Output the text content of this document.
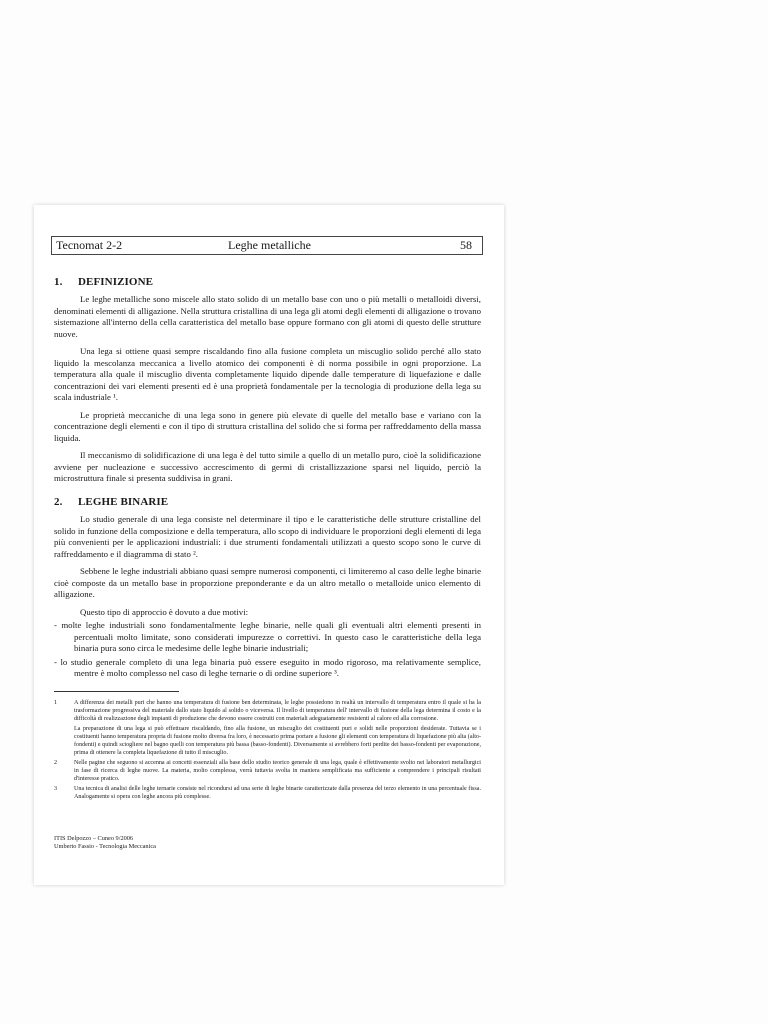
Tecnomat 2-2	Leghe metalliche	58
1. DEFINIZIONE

Le leghe metalliche sono miscele allo stato solido di un metallo base con uno o più metalli o metalloidi diversi, denominati elementi di alligazione. Nella struttura cristallina di una lega gli atomi degli elementi di alligazione o trovano sistemazione all'interno della cella caratteristica del metallo base oppure formano con gli atomi di questo delle strutture nuove.

Una lega si ottiene quasi sempre riscaldando fino alla fusione completa un miscuglio solido perché allo stato liquido la mescolanza meccanica a livello atomico dei componenti è di norma possibile in ogni proporzione. La temperatura alla quale il miscuglio diventa completamente liquido dipende dalle temperature di liquefazione e dalle concentrazioni dei vari elementi presenti ed è una proprietà fondamentale per la tecnologia di produzione della lega su scala industriale ¹.

Le proprietà meccaniche di una lega sono in genere più elevate di quelle del metallo base e variano con la concentrazione degli elementi e con il tipo di struttura cristallina del solido che si forma per raffreddamento della massa liquida.

Il meccanismo di solidificazione di una lega è del tutto simile a quello di un metallo puro, cioè la solidificazione avviene per nucleazione e successivo accrescimento di germi di cristallizzazione sparsi nel liquido, perciò la microstruttura finale si presenta suddivisa in grani.

2. LEGHE BINARIE

Lo studio generale di una lega consiste nel determinare il tipo e le caratteristiche delle strutture cristalline del solido in funzione della composizione e della temperatura, allo scopo di individuare le proporzioni degli elementi di lega più convenienti per le applicazioni industriali: i due strumenti fondamentali utilizzati a questo scopo sono le curve di raffreddamento e il diagramma di stato ².

Sebbene le leghe industriali abbiano quasi sempre numerosi componenti, ci limiteremo al caso delle leghe binarie cioè composte da un metallo base in proporzione preponderante e da un altro metallo o metalloide unico elemento di alligazione.

Questo tipo di approccio è dovuto a due motivi:

- molte leghe industriali sono fondamentalmente leghe binarie, nelle quali gli eventuali altri elementi presenti in percentuali molto limitate, sono considerati impurezze o correttivi. In questo caso le caratteristiche della lega binaria pura sono circa le medesime delle leghe binarie industriali;
- lo studio generale completo di una lega binaria può essere eseguito in modo rigoroso, ma relativamente semplice, mentre è molto complesso nel caso di leghe ternarie o di ordine superiore ³.
1	A differenza dei metalli puri che hanno una temperatura di fusione ben determinata, le leghe possiedono in realtà un intervallo di temperatura entro il quale si ha la trasformazione progressiva del materiale dallo stato liquido al solido o viceversa. Il livello di temperatura dell' intervallo di fusione della lega determina il costo e la difficoltà di realizzazione degli impianti di produzione che devono essere costruiti con materiali adeguatamente resistenti al calore ed alla corrosione.
La preparazione di una lega si può effettuare riscaldando, fino alla fusione, un miscuglio dei costituenti puri e solidi nelle proporzioni desiderate. Tuttavia se i costituenti hanno temperatura propria di fusione molto diversa fra loro, è necessario prima portare a fusione gli elementi con temperatura di liquefazione più alta (alto-fondenti) e quindi sciogliere nel bagno quelli con temperatura più bassa (basso-fondenti). Diversamente si avrebbero forti perdite dei basso-fondenti per evaporazione, prima di ottenere la completa liquefazione di tutto il miscuglio.
2	Nelle pagine che seguono si accenna ai concetti essenziali alla base dello studio teorico generale di una lega, quale è effettivamente svolto nei laboratori metallurgici in fase di ricerca di leghe nuove. La materia, molto complessa, verrà tuttavia svolta in maniera semplificata ma sufficiente a comprendere i principali risultati d'interesse pratico.
3	Una tecnica di analisi delle leghe ternarie consiste nel ricondursi ad una serie di leghe binarie caratterizzate dalla presenza del terzo elemento in una percentuale fissa. Analogamente si opera con leghe ancora più complesse.
ITIS Delpozzo – Cuneo 9/2006
Umberto Fassio - Tecnologia Meccanica
